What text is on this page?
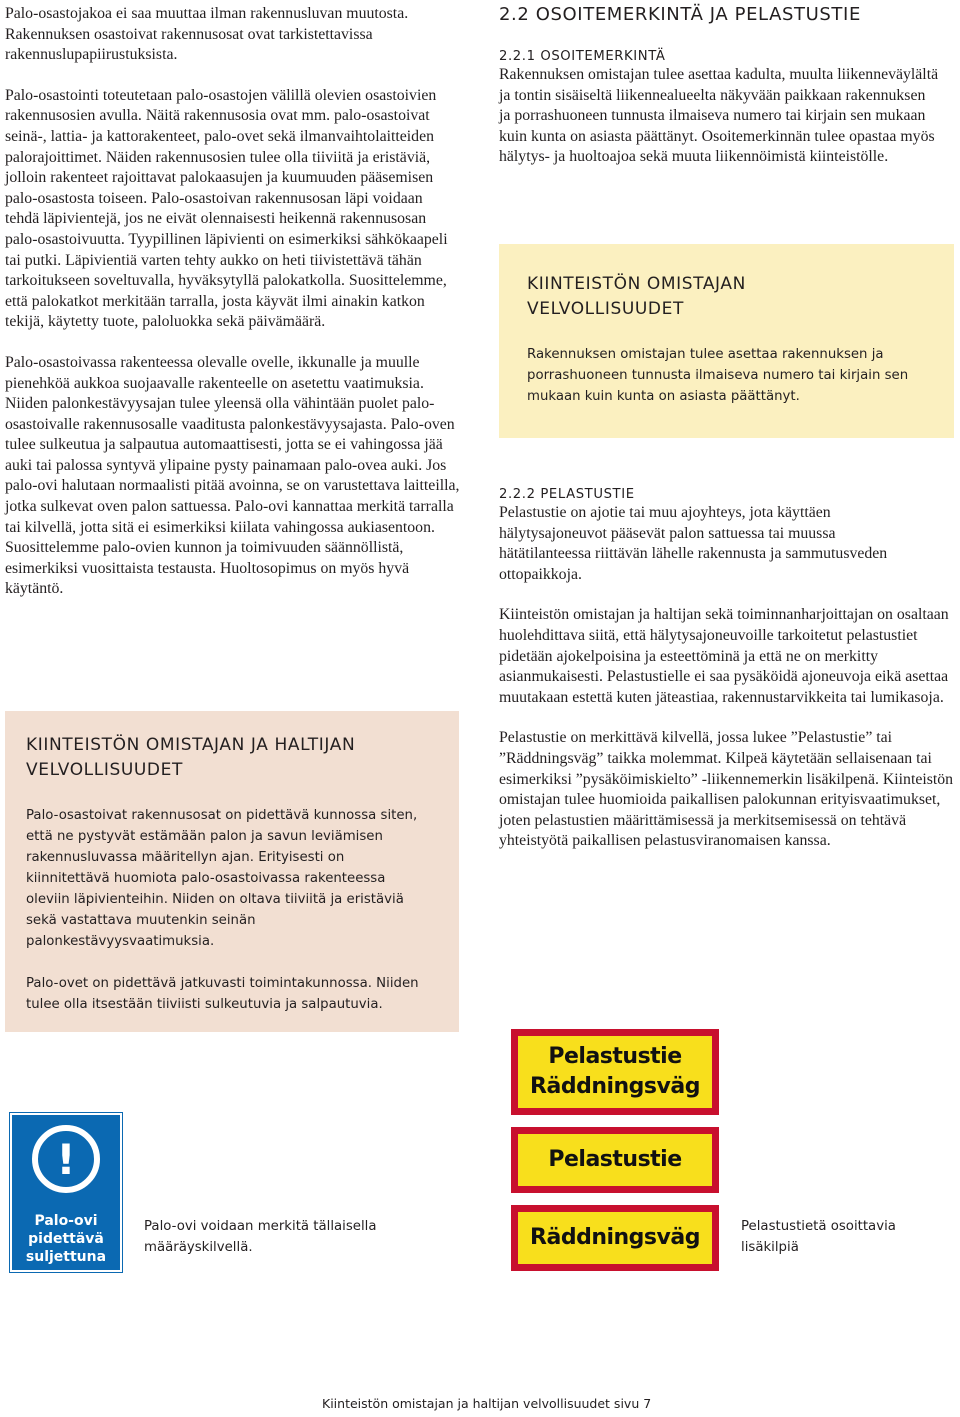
Palo-osastojakoa ei saa muuttaa ilman rakennusluvan muutosta. Rakennuksen osastoivat rakennusosat ovat tarkistettavissa rakennuslupapiirustuksista.

Palo-osastointi toteutetaan palo-osastojen välillä olevien osastoivien rakennusosien avulla. Näitä rakennusosia ovat mm. palo-osastoivat seinä-, lattia- ja kattorakenteet, palo-ovet sekä ilmanvaihtolaitteiden palorajoittimet. Näiden rakennusosien tulee olla tiiviitä ja eristäviä, jolloin rakenteet rajoittavat palokaasujen ja kuumuuden pääsemisen palo-osastosta toiseen. Palo-osastoivan rakennusosan läpi voidaan tehdä läpivientejä, jos ne eivät olennaisesti heikennä rakennusosan palo-osastoivuutta. Tyypillinen läpivienti on esimerkiksi sähkökaapeli tai putki. Läpivientiä varten tehty aukko on heti tiivistettävä tähän tarkoitukseen soveltuvalla, hyväksytyllä palokatkolla. Suosittelemme, että palokatkot merkitään tarralla, josta käyvät ilmi ainakin katkon tekijä, käytetty tuote, paloluokka sekä päivämäärä.

Palo-osastoivassa rakenteessa olevalle ovelle, ikkunalle ja muulle pienehköä aukkoa suojaavalle rakenteelle on asetettu vaatimuksia. Niiden palonkestävyysajan tulee yleensä olla vähintään puolet palo-osastoivalle rakennusosalle vaaditusta palonkestävyysajasta. Palo-oven tulee sulkeutua ja salpautua automaattisesti, jotta se ei vahingossa jää auki tai palossa syntyvä ylipaine pysty painamaan palo-ovea auki. Jos palo-ovi halutaan normaalisti pitää avoinna, se on varustettava laitteilla, jotka sulkevat oven palon sattuessa. Palo-ovi kannattaa merkitä tarralla tai kilvellä, jotta sitä ei esimerkiksi kiilata vahingossa aukiasentoon. Suosittelemme palo-ovien kunnon ja toimivuuden säännöllistä, esimerkiksi vuosittaista testausta. Huoltosopimus on myös hyvä käytäntö.

KIINTEISTÖN OMISTAJAN JA HALTIJAN

VELVOLLISUUDET

Palo-osastoivat rakennusosat on pidettävä kunnossa siten, että ne pystyvät estämään palon ja savun leviämisen rakennusluvassa määritellyn ajan. Erityisesti on kiinnitettävä huomiota palo-osastoivassa rakenteessa oleviin läpivienteihin. Niiden on oltava tiiviitä ja eristäviä sekä vastattava muutenkin seinän palonkestävyysvaatimuksia.

Palo-ovet on pidettävä jatkuvasti toimintakunnossa. Niiden tulee olla itsestään tiiviisti sulkeutuvia ja salpautuvia.

2.2 OSOITEMERKINTÄ JA PELASTUSTIE
2.2.1 OSOITEMERKINTÄ

Rakennuksen omistajan tulee asettaa kadulta, muulta liikenneväylältä ja tontin sisäiseltä liikennealueelta näkyvään paikkaan rakennuksen ja porrashuoneen tunnusta ilmaiseva numero tai kirjain sen mukaan kuin kunta on asiasta päättänyt. Osoitemerkinnän tulee opastaa myös hälytys- ja huoltoajoa sekä muuta liikennöimistä kiinteistölle.

KIINTEISTÖN OMISTAJAN

VELVOLLISUUDET

Rakennuksen omistajan tulee asettaa rakennuksen ja porrashuoneen tunnusta ilmaiseva numero tai kirjain sen mukaan kuin kunta on asiasta päättänyt.

2.2.2 PELASTUSTIE

Pelastustie on ajotie tai muu ajoyhteys, jota käyttäen hälytysajoneuvot pääsevät palon sattuessa tai muussa hätätilanteessa riittävän lähelle rakennusta ja sammutusveden ottopaikkoja.

Kiinteistön omistajan ja haltijan sekä toiminnanharjoittajan on osaltaan huolehdittava siitä, että hälytysajoneuvoille tarkoitetut pelastustiet pidetään ajokelpoisina ja esteettöminä ja että ne on merkitty asianmukaisesti. Pelastustielle ei saa pysäköidä ajoneuvoja eikä asettaa muutakaan estettä kuten jäteastiaa, rakennustarvikkeita tai lumikasoja.

Pelastustie on merkittävä kilvellä, jossa lukee ”Pelastustie” tai ”Räddningsväg” taikka molemmat. Kilpeä käytetään sellaisenaan tai esimerkiksi ”pysäköimiskielto” -liikennemerkin lisäkilpenä. Kiinteistön omistajan tulee huomioida paikallisen palokunnan erityisvaatimukset, joten pelastustien määrittämisessä ja merkitsemisessä on tehtävä yhteistyötä paikallisen pelastusviranomaisen kanssa.

Pelastustie
Räddningsväg
Pelastustie
Räddningsväg	Pelastustietä osoittavia
lisäkilpiä
!
Palo-ovi
pidettävä
suljettuna
Palo-ovi voidaan merkitä tällaisella
määräyskilvellä.
Kiinteistön omistajan ja haltijan velvollisuudet sivu 7
